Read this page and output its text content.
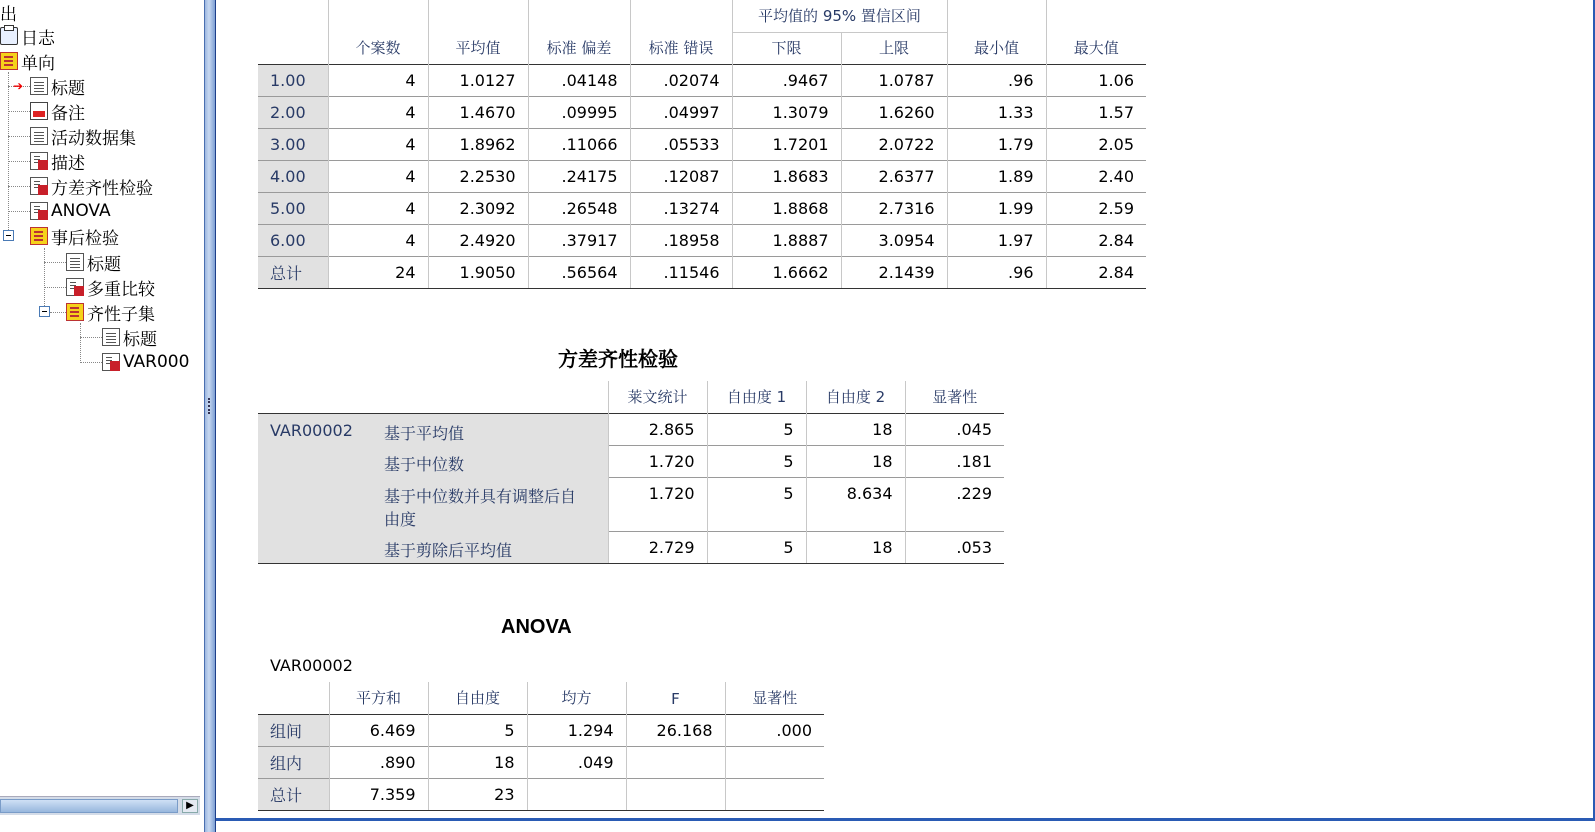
出
日志
单向
➔ 标题
备注
活动数据集
描述
方差齐性检验
ANOVA
事后检验
标题
多重比较
齐性子集
标题
VAR000
▶
					平均值的 95% 置信区间			
	个案数	平均值	标准 偏差	标准 错误	下限	上限	最小值	最大值
1.00	4	1.0127	.04148	.02074	.9467	1.0787	.96	1.06
2.00	4	1.4670	.09995	.04997	1.3079	1.6260	1.33	1.57
3.00	4	1.8962	.11066	.05533	1.7201	2.0722	1.79	2.05
4.00	4	2.2530	.24175	.12087	1.8683	2.6377	1.89	2.40
5.00	4	2.3092	.26548	.13274	1.8868	2.7316	1.99	2.59
6.00	4	2.4920	.37917	.18958	1.8887	3.0954	1.97	2.84
总计	24	1.9050	.56564	.11546	1.6662	2.1439	.96	2.84
方差齐性检验
		莱文统计	自由度 1	自由度 2	显著性
VAR00002	基于平均值	2.865	5	18	.045
	基于中位数	1.720	5	18	.181
	基于中位数并具有调整后自由度	1.720	5	8.634	.229
	基于剪除后平均值	2.729	5	18	.053
ANOVA
VAR00002
	平方和	自由度	均方	F	显著性
组间	6.469	5	1.294	26.168	.000
组内	.890	18	.049		
总计	7.359	23			
